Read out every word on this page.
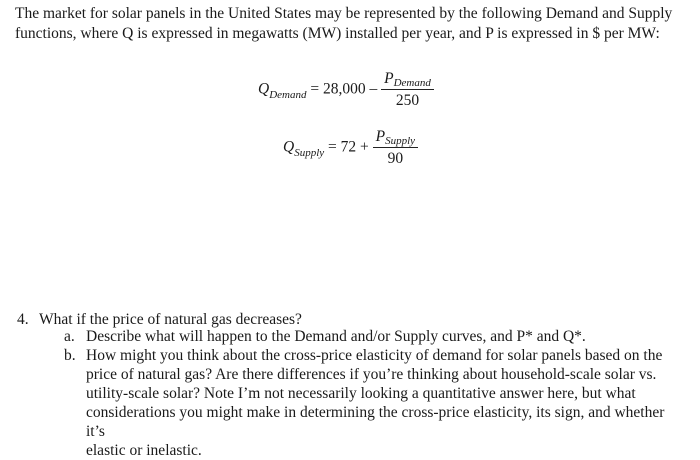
The market for solar panels in the United States may be represented by the following Demand and Supply

functions, where Q is expressed in megawatts (MW) installed per year, and P is expressed in $ per MW:

$Q_{Demand} = 28,000 - \frac{\text{PDemand}}{250}$
$Q_{Supply} = 72 + \frac{\text{PSupply}}{90}$
4. What if the price of natural gas decreases?
a. Describe what will happen to the Demand and/or Supply curves, and P* and Q*.
b. How might you think about the cross-price elasticity of demand for solar panels based on the
price of natural gas? Are there differences if you’re thinking about household-scale solar vs.
utility-scale solar? Note I’m not necessarily looking a quantitative answer here, but what
considerations you might make in determining the cross-price elasticity, its sign, and whether it’s
elastic or inelastic.
